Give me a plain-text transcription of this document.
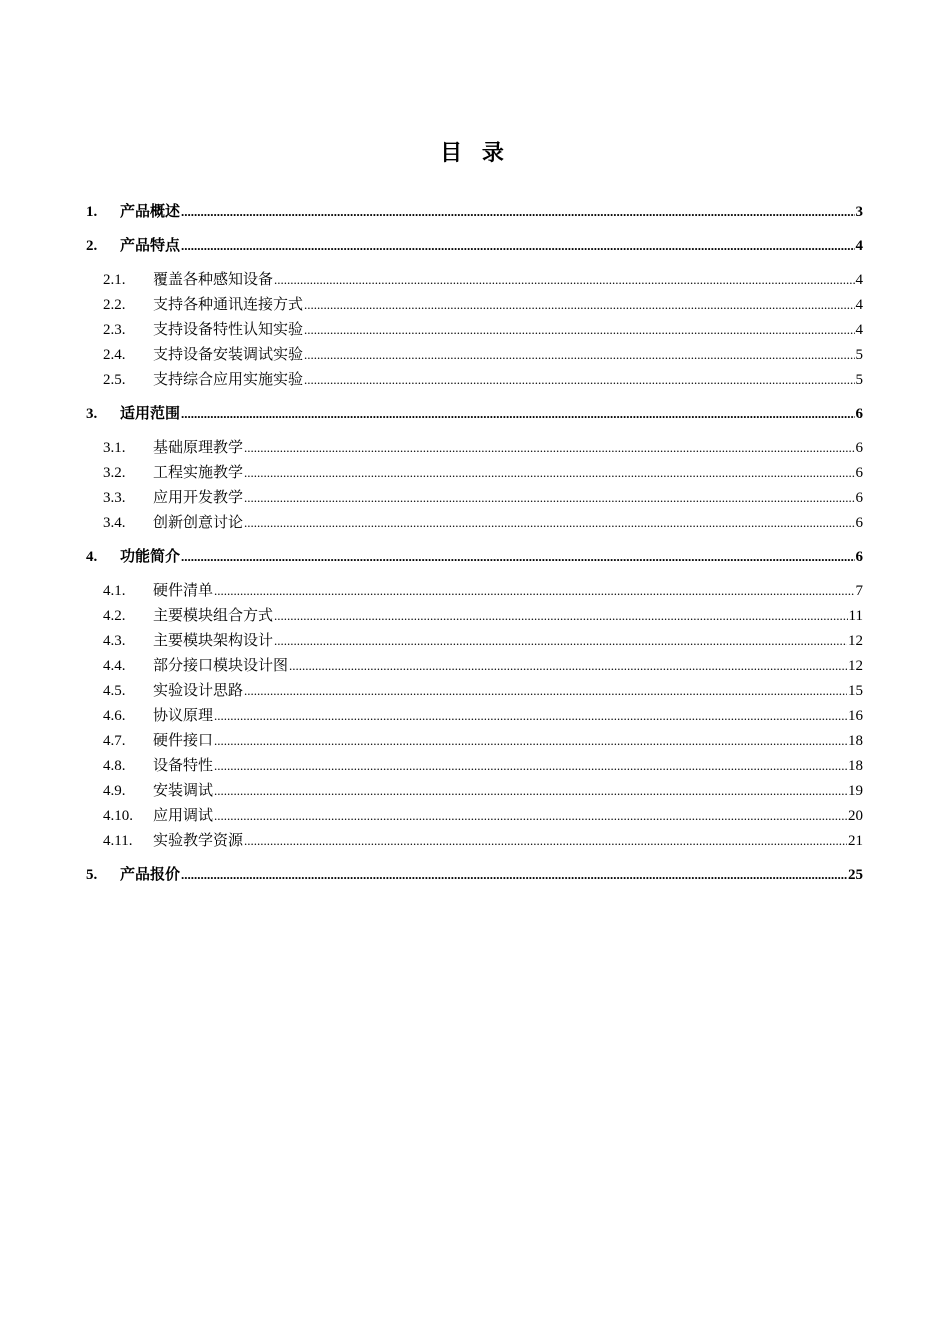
目 录
1.	产品概述 .....	3
2.	产品特点 .....	4
2.1.	覆盖各种感知设备 .....	4
2.2.	支持各种通讯连接方式 .....	4
2.3.	支持设备特性认知实验 .....	4
2.4.	支持设备安装调试实验 .....	5
2.5.	支持综合应用实施实验 .....	5
3.	适用范围 .....	6
3.1.	基础原理教学 .....	6
3.2.	工程实施教学 .....	6
3.3.	应用开发教学 .....	6
3.4.	创新创意讨论 .....	6
4.	功能简介 .....	6
4.1.	硬件清单 .....	7
4.2.	主要模块组合方式 .....	11
4.3.	主要模块架构设计 .....	12
4.4.	部分接口模块设计图 .....	12
4.5.	实验设计思路 .....	15
4.6.	协议原理 .....	16
4.7.	硬件接口 .....	18
4.8.	设备特性 .....	18
4.9.	安装调试 .....	19
4.10.	应用调试 .....	20
4.11.	实验教学资源 .....	21
5.	产品报价 .....	25
